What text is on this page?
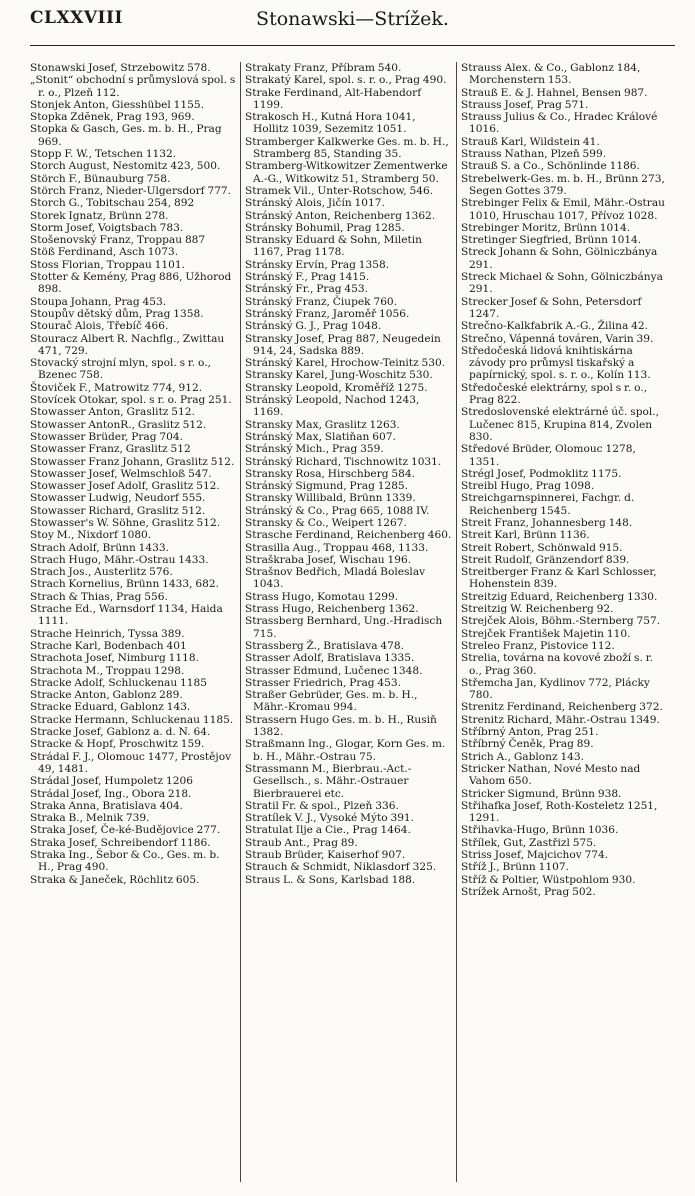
CLXXVIII	Stonawski—Strížek.

Stonawski Josef, Strzebowitz 578.

„Stonit“ obchodní s průmyslová spol. s r. o., Plzeň 112.

Stonjek Anton, Giesshübel 1155.

Stopka Zdĕnek, Prag 193, 969.

Stopka & Gasch, Ges. m. b. H., Prag 969.

Stopp F. W., Tetschen 1132.

Storch August, Nestomitz 423, 500.

Störch F., Bünauburg 758.

Störch Franz, Nieder-Ulgersdorf 777.

Storch G., Tobitschau 254, 892

Storek Ignatz, Brünn 278.

Storm Josef, Voigtsbach 783.

Stošenovský Franz, Troppau 887

Stöß Ferdinand, Asch 1073.

Stoss Florian, Troppau 1101.

Stotter & Kemény, Prag 886, Užhorod 898.

Stoupa Johann, Prag 453.

Stoupův dětský dům, Prag 1358.

Stourač Alois, Třebíč 466.

Stouracz Albert R. Nachflg., Zwittau 471, 729.

Stovacký strojní mlyn, spol. s r. o., Bzenec 758.

Štoviček F., Matrowitz 774, 912.

Stovícek Otokar, spol. s r. o. Prag 251.

Stowasser Anton, Graslitz 512.

Stowasser AntonR., Graslitz 512.

Stowasser Brüder, Prag 704.

Stowasser Franz, Graslitz 512

Stowasser Franz Johann, Graslitz 512.

Stowasser Josef, Welmschloß 547.

Stowasser Josef Adolf, Graslitz 512.

Stowasser Ludwig, Neudorf 555.

Stowasser Richard, Graslitz 512.

Stowasser's W. Söhne, Graslitz 512.

Stoy M., Nixdorf 1080.

Strach Adolf, Brünn 1433.

Strach Hugo, Mähr.-Ostrau 1433.

Strach Jos., Austerlitz 576.

Strach Kornelius, Brünn 1433, 682.

Strach & Thias, Prag 556.

Strache Ed., Warnsdorf 1134, Haida 1111.

Strache Heinrich, Tyssa 389.

Strache Karl, Bodenbach 401

Strachota Josef, Nimburg 1118.

Strachota M., Troppau 1298.

Stracke Adolf, Schluckenau 1185

Stracke Anton, Gablonz 289.

Stracke Eduard, Gablonz 143.

Stracke Hermann, Schluckenau 1185.

Stracke Josef, Gablonz a. d. N. 64.

Stracke & Hopf, Proschwitz 159.

Strádal F. J., Olomouc 1477, Prostějov 49, 1481.

Strádal Josef, Humpoletz 1206

Strádal Josef, Ing., Obora 218.

Straka Anna, Bratislava 404.

Straka B., Melnik 739.

Straka Josef, Če-ké-Budějovice 277.

Straka Josef, Schreibendorf 1186.

Straka Ing., Šebor & Co., Ges. m. b. H., Prag 490.

Straka & Janeček, Röchlitz 605.

Strakaty Franz, Příbram 540.

Strakatý Karel, spol. s. r. o., Prag 490.

Strake Ferdinand, Alt-Habendorf 1199.

Strakosch H., Kutná Hora 1041, Hollitz 1039, Sezemitz 1051.

Stramberger Kalkwerke Ges. m. b. H., Stramberg 85, Standing 35.

Stramberg-Witkowitzer Zementwerke A.-G., Witkowitz 51, Stramberg 50.

Stramek Vil., Unter-Rotschow, 546.

Stránský Alois, Jičín 1017.

Stránský Anton, Reichenberg 1362.

Stránsky Bohumil, Prag 1285.

Stransky Eduard & Sohn, Miletin 1167, Prag 1178.

Stránsky Ervín, Prag 1358.

Stránský F., Prag 1415.

Stránský Fr., Prag 453.

Stránský Franz, Čiupek 760.

Stránský Franz, Jaroměř 1056.

Stránský G. J., Prag 1048.

Stransky Josef, Prag 887, Neugedein 914, 24, Sadska 889.

Stránský Karel, Hrochow-Teinitz 530.

Stransky Karel, Jung-Woschitz 530.

Stransky Leopold, Kroměříž 1275.

Stránský Leopold, Nachod 1243, 1169.

Stransky Max, Graslitz 1263.

Stránský Max, Slatiňan 607.

Stránský Mich., Prag 359.

Stránský Richard, Tischnowitz 1031.

Stransky Rosa, Hirschberg 584.

Stránský Sigmund, Prag 1285.

Stransky Willibald, Brünn 1339.

Stránský & Co., Prag 665, 1088 IV.

Stransky & Co., Weipert 1267.

Strasche Ferdinand, Reichenberg 460.

Strasilla Aug., Troppau 468, 1133.

Straškraba Josef, Wischau 196.

Strašnov Bedřich, Mladá Boleslav 1043.

Strass Hugo, Komotau 1299.

Strass Hugo, Reichenberg 1362.

Strassberg Bernhard, Ung.-Hradisch 715.

Strassberg Ž., Bratislava 478.

Strasser Adolf, Bratislava 1335.

Strasser Edmund, Lučenec 1348.

Strasser Friedrich, Prag 453.

Straßer Gebrüder, Ges. m. b. H., Mähr.-Kromau 994.

Strassern Hugo Ges. m. b. H., Rusiň 1382.

Straßmann Ing., Glogar, Korn Ges. m. b. H., Mähr.-Ostrau 75.

Strassmann M., Bierbrau.-Act.-Gesellsch., s. Mähr.-Ostrauer Bierbrauerei etc.

Stratil Fr. & spol., Plzeň 336.

Stratílek V. J., Vysoké Mýto 391.

Stratulat Ilje a Cie., Prag 1464.

Straub Ant., Prag 89.

Straub Brüder, Kaiserhof 907.

Strauch & Schmidt, Niklasdorf 325.

Straus L. & Sons, Karlsbad 188.

Strauss Alex. & Co., Gablonz 184, Morchenstern 153.

Strauß E. & J. Hahnel, Bensen 987.

Strauss Josef, Prag 571.

Strauss Julius & Co., Hradec Králové 1016.

Strauß Karl, Wildstein 41.

Strauss Nathan, Plzeň 599.

Strauß S. a Co., Schönlinde 1186.

Strebelwerk-Ges. m. b. H., Brünn 273, Segen Gottes 379.

Strebinger Felix & Emil, Mähr.-Ostrau 1010, Hruschau 1017, Přívoz 1028.

Strebinger Moritz, Brünn 1014.

Stretinger Siegfried, Brünn 1014.

Streck Johann & Sohn, Gölniczbánya 291.

Streck Michael & Sohn, Gölniczbánya 291.

Strecker Josef & Sohn, Petersdorf 1247.

Strečno-Kalkfabrik A.-G., Žilina 42.

Strečno, Vápenná továren, Varin 39.

Středočeská lidová knihtiskárna závody pro průmysl tiskařský a papírnický, spol. s. r. o., Kolín 113.

Středočeské elektrárny, spol s r. o., Prag 822.

Stredoslovenské elektrárné úč. spol., Lučenec 815, Krupina 814, Zvolen 830.

Středové Brüder, Olomouc 1278, 1351.

Strégl Josef, Podmoklitz 1175.

Streibl Hugo, Prag 1098.

Streichgarnspinnerei, Fachgr. d. Reichenberg 1545.

Streit Franz, Johannesberg 148.

Streit Karl, Brünn 1136.

Streit Robert, Schönwald 915.

Streit Rudolf, Gränzendorf 839.

Streitberger Franz & Karl Schlosser, Hohenstein 839.

Streitzig Eduard, Reichenberg 1330.

Streitzig W. Reichenberg 92.

Strejček Alois, Böhm.-Sternberg 757.

Strejček František Majetin 110.

Streleo Franz, Pistovice 112.

Strelia, továrna na kovové zboží s. r. o., Prag 360.

Střemcha Jan, Kydlinov 772, Plácky 780.

Strenitz Ferdinand, Reichenberg 372.

Strenitz Richard, Mähr.-Ostrau 1349.

Stříbrný Anton, Prag 251.

Stříbrný Čeněk, Prag 89.

Strich A., Gablonz 143.

Stricker Nathan, Nové Mesto nad Vahom 650.

Stricker Sigmund, Brünn 938.

Střihafka Josef, Roth-Kosteletz 1251, 1291.

Střihavka-Hugo, Brünn 1036.

Střílek, Gut, Zastřizl 575.

Striss Josef, Majcichov 774.

Stříž J., Brünn 1107.

Stříž & Poltier, Wüstpohlom 930.

Strížek Arnošt, Prag 502.
